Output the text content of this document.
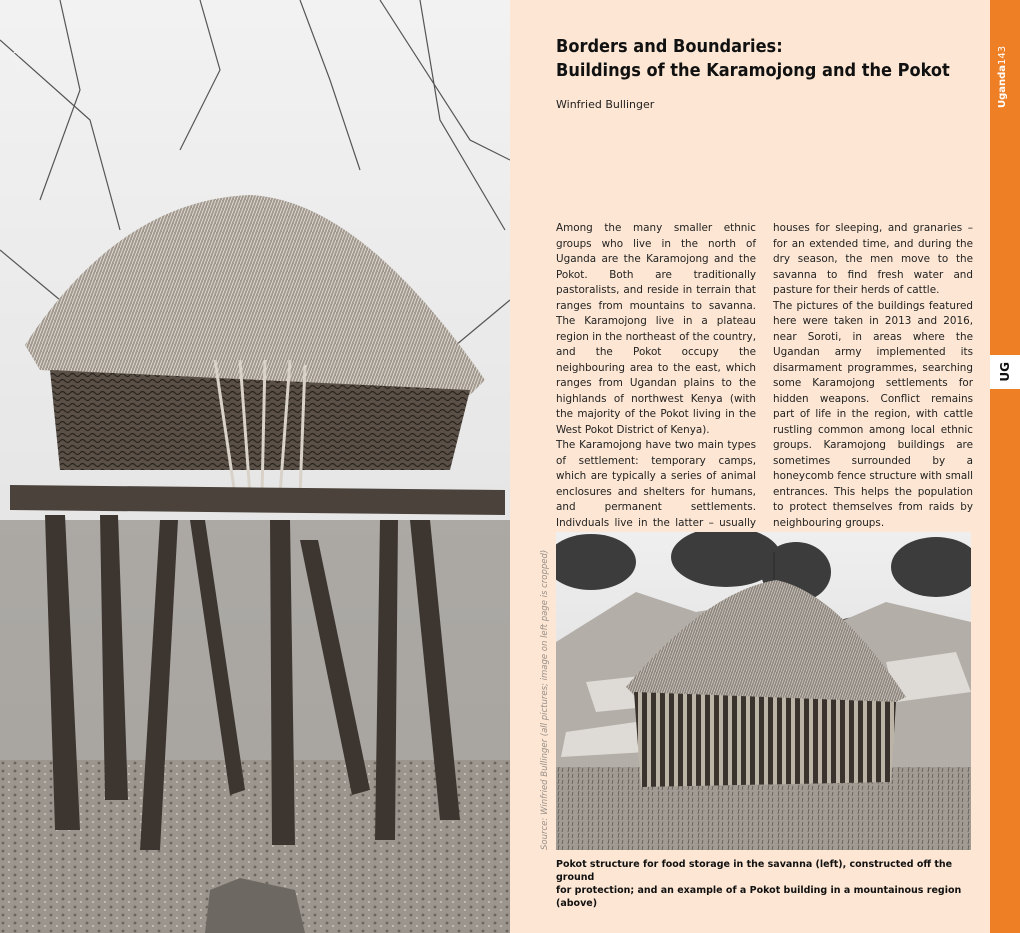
142
Borders and Boundaries:
Buildings of the Karamojong and the Pokot
Winfried Bullinger

Among the many smaller ethnic groups who live in the north of Uganda are the Karamojong and the Pokot. Both are traditionally pastoralists, and reside in terrain that ranges from mountains to savanna. The Karamojong live in a plateau region in the northeast of the country, and the Pokot occupy the neighbouring area to the east, which ranges from Ugandan plains to the highlands of northwest Kenya (with the majority of the Pokot living in the West Pokot District of Kenya).

The Karamojong have two main types of settlement: temporary camps, which are typically a series of animal enclosures and shelters for humans, and permanent settlements. Indivduals live in the latter – usually

houses for sleeping, and granaries – for an extended time, and during the dry season, the men move to the savanna to find fresh water and pasture for their herds of cattle.

The pictures of the buildings featured here were taken in 2013 and 2016, near Soroti, in areas where the Ugandan army implemented its disarmament programmes, searching some Karamojong settlements for hidden weapons. Conflict remains part of life in the region, with cattle rustling common among local ethnic groups. Karamojong buildings are sometimes surrounded by a honeycomb fence structure with small entrances. This helps the population to protect themselves from raids by neighbouring groups.

Source: Winfried Bullinger (all pictures; image on left page is cropped)

Pokot structure for food storage in the savanna (left), constructed off the ground
for protection; and an example of a Pokot building in a mountainous region (above)

Uganda143
UG
